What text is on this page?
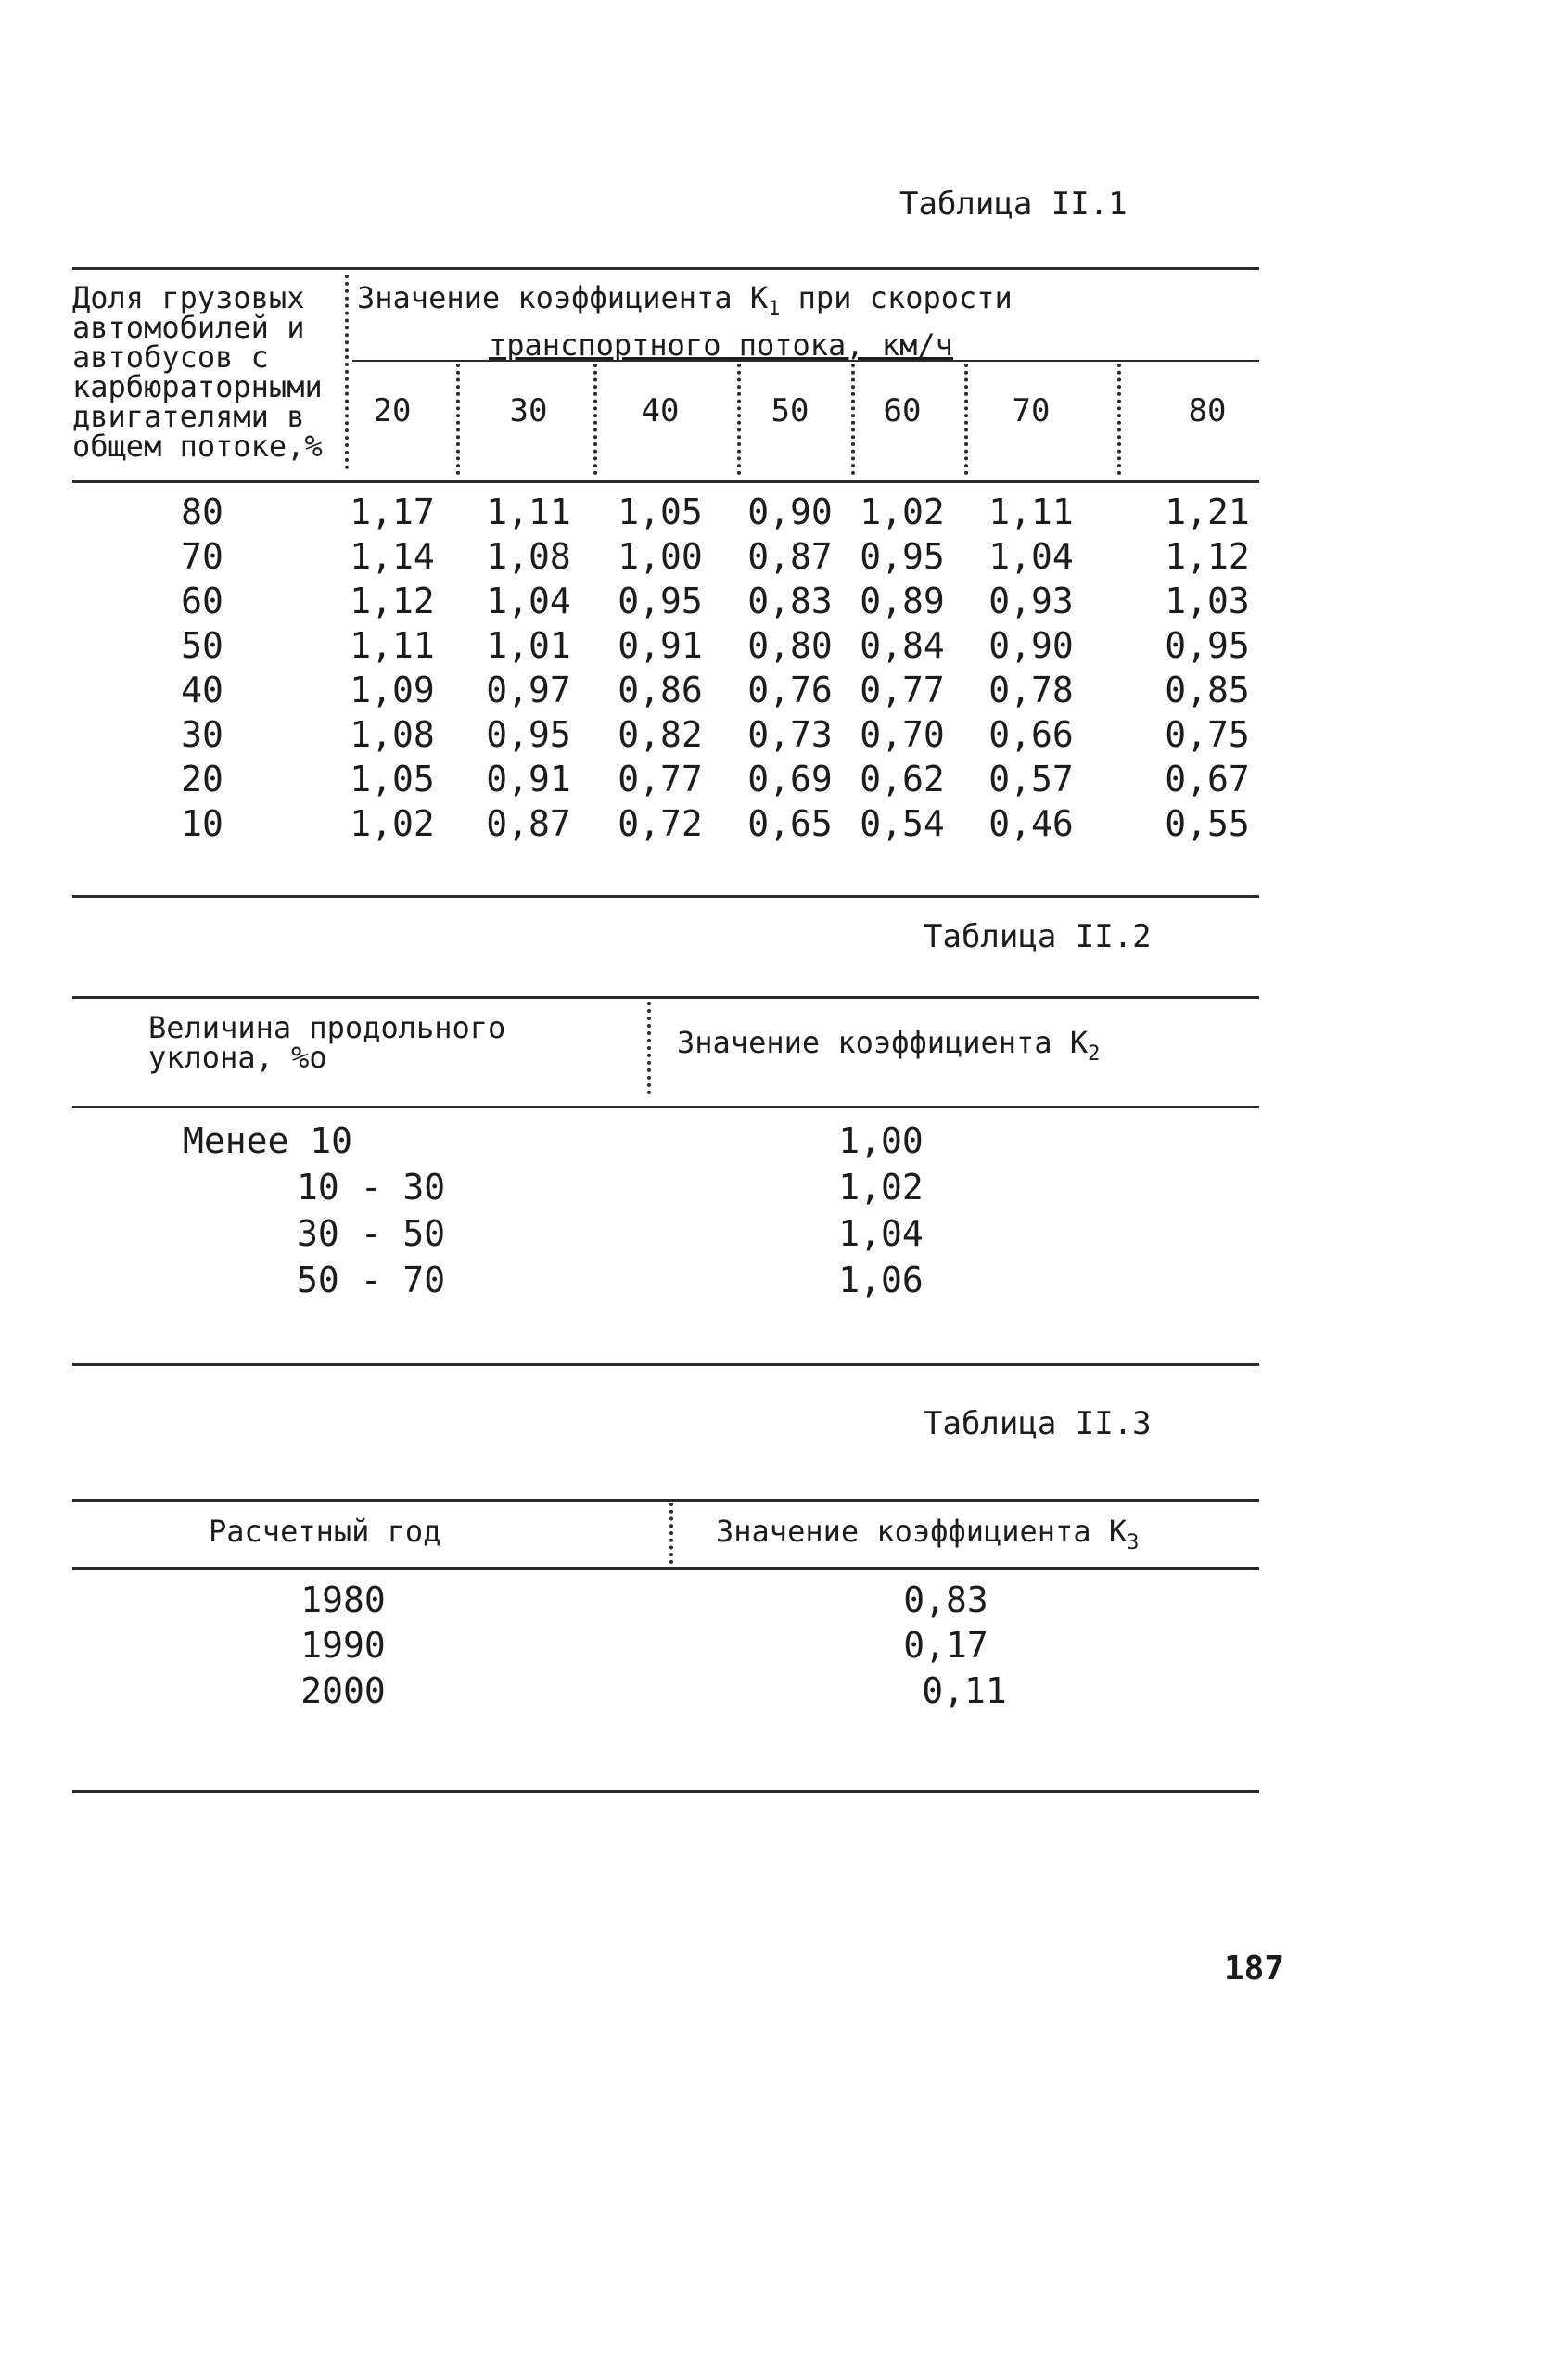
Таблица II.1
Доля грузовых
автомобилей и
автобусов с
карбюраторными
двигателями в
общем потоке,%
Значение коэффициента $K_1$ при скорости
транспортного потока, км/ч
20	30	40	50	60	70	80
80	1,17	1,11	1,05	0,90 1,02	1,11	1,21
70	1,14	1,08	1,00	0,87 0,95	1,04	1,12
60	1,12	1,04	0,95	0,83 0,89	0,93	1,03
50	1,11	1,01	0,91	0,80 0,84	0,90	0,95
40	1,09	0,97	0,86	0,76 0,77	0,78	0,85
30	1,08	0,95	0,82	0,73 0,70	0,66	0,75
20	1,05	0,91	0,77	0,69 0,62	0,57	0,67
10	1,02	0,87	0,72	0,65 0,54	0,46	0,55
Таблица II.2
Величина продольного
уклона, %o	Значение коэффициента $K_2$
Менее 10	1,00
10 - 30	1,02
30 - 50	1,04
50 - 70	1,06
Таблица II.3
Расчетный год	Значение коэффициента $K_3$
1980	0,83
1990	0,17
2000	0,11
187
